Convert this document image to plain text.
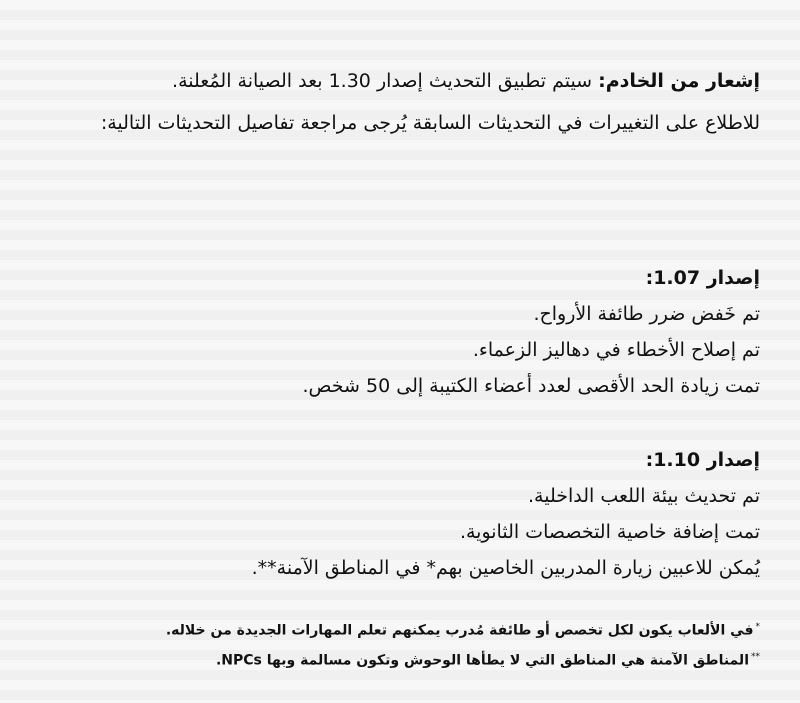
إشعار من الخادم: سيتم تطبيق التحديث إصدار 1.30 بعد الصيانة المُعلنة.
للاطلاع على التغييرات في التحديثات السابقة يُرجى مراجعة تفاصيل التحديثات التالية:

إصدار 1.07:
تم خَفض ضرر طائفة الأرواح.
تم إصلاح الأخطاء في دهاليز الزعماء.
تمت زيادة الحد الأقصى لعدد أعضاء الكتيبة إلى 50 شخص.
إصدار 1.10:
تم تحديث بيئة اللعب الداخلية.
تمت إضافة خاصية التخصصات الثانوية.
يُمكن للاعبين زيارة المدربين الخاصين بهم* في المناطق الآمنة**.
*في الألعاب يكون لكل تخصص أو طائفة مُدرب يمكنهم تعلم المهارات الجديدة من خلاله.
**المناطق الآمنة هي المناطق التي لا يطأها الوحوش وتكون مسالمة وبها NPCs.
